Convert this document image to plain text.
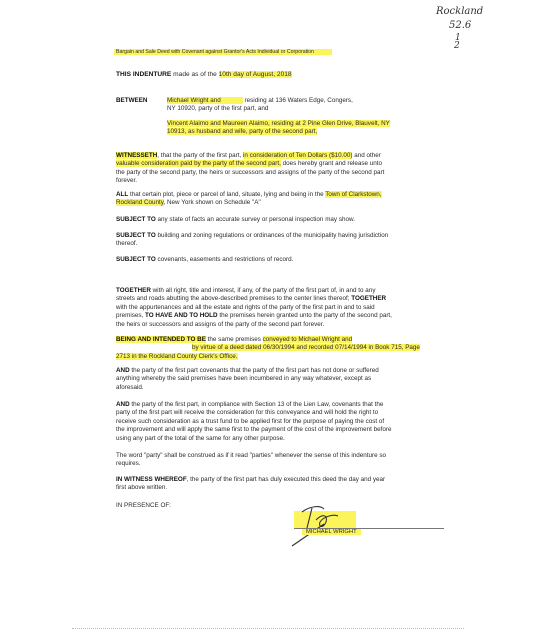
Rockland
52.6
1
2
Bargain and Sale Deed with Covenant against Grantor's Acts Individual or Corporation
THIS INDENTURE made as of the 10th day of August, 2018
BETWEEN	Michael Wright and	residing at 136 Waters Edge, Congers,
NY 10920, party of the first part, and
Vincent Alaimo and Maureen Alaimo, residing at 2 Pine Glen Drive, Blauvelt, NY
10913, as husband and wife, party of the second part,

WITNESSETH, that the party of the first part, in consideration of Ten Dollars ($10.00) and other

valuable consideration paid by the party of the second part, does hereby grant and release unto

the party of the second party, the heirs or successors and assigns of the party of the second part

forever.

ALL that certain plot, piece or parcel of land, situate, lying and being in the Town of Clarkstown,

Rockland County, New York shown on Schedule "A"

SUBJECT TO any state of facts an accurate survey or personal inspection may show.

SUBJECT TO building and zoning regulations or ordinances of the municipality having jurisdiction

thereof.

SUBJECT TO covenants, easements and restrictions of record.

TOGETHER with all right, title and interest, if any, of the party of the first part of, in and to any

streets and roads abutting the above-described premises to the center lines thereof; TOGETHER

with the appurtenances and all the estate and rights of the party of the first part in and to said

premises, TO HAVE AND TO HOLD the premises herein granted unto the party of the second part,

the heirs or successors and assigns of the party of the second part forever.

BEING AND INTENDED TO BE the same premises conveyed to Michael Wright and

by virtue of a deed dated 06/30/1994 and recorded 07/14/1994 in Book 715, Page

2713 in the Rockland County Clerk's Office.

AND the party of the first part covenants that the party of the first part has not done or suffered

anything whereby the said premises have been incumbered in any way whatever, except as

aforesaid.

AND the party of the first part, in compliance with Section 13 of the Lien Law, covenants that the

party of the first part will receive the consideration for this conveyance and will hold the right to

receive such consideration as a trust fund to be applied first for the purpose of paying the cost of

the improvement and will apply the same first to the payment of the cost of the improvement before

using any part of the total of the same for any other purpose.

The word "party" shall be construed as if it read "parties" whenever the sense of this indenture so

requires.

IN WITNESS WHEREOF, the party of the first part has duly executed this deed the day and year

first above written.

IN PRESENCE OF:
MICHAEL WRIGHT
